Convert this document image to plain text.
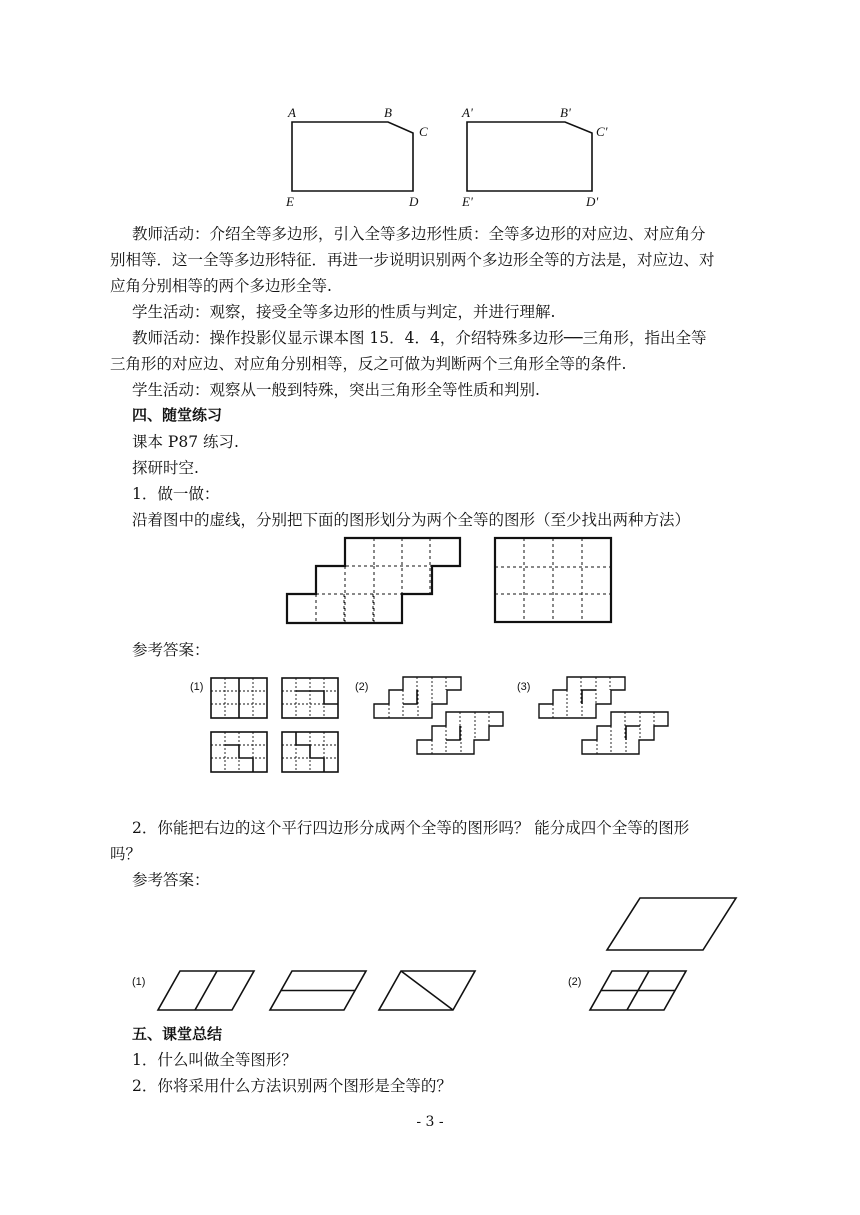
A	B
C
D
E
A'	B'
C'
D'
E'
教师活动：介绍全等多边形，引入全等多边形性质：全等多边形的对应边、对应角分
别相等．这一全等多边形特征．再进一步说明识别两个多边形全等的方法是，对应边、对
应角分别相等的两个多边形全等.
学生活动：观察，接受全等多边形的性质与判定，并进行理解.
教师活动：操作投影仪显示课本图 15．4．4，介绍特殊多边形──三角形，指出全等
三角形的对应边、对应角分别相等，反之可做为判断两个三角形全等的条件.
学生活动：观察从一般到特殊，突出三角形全等性质和判别.
四、随堂练习
课本 P87 练习.
探研时空.
1．做一做：
沿着图中的虚线，分别把下面的图形划分为两个全等的图形（至少找出两种方法）
参考答案：
(1)	(2)	(3)
2．你能把右边的这个平行四边形分成两个全等的图形吗？ 能分成四个全等的图形
吗？
参考答案：
(1)	(2)
五、课堂总结
1．什么叫做全等图形？
2．你将采用什么方法识别两个图形是全等的？
- 3 -
